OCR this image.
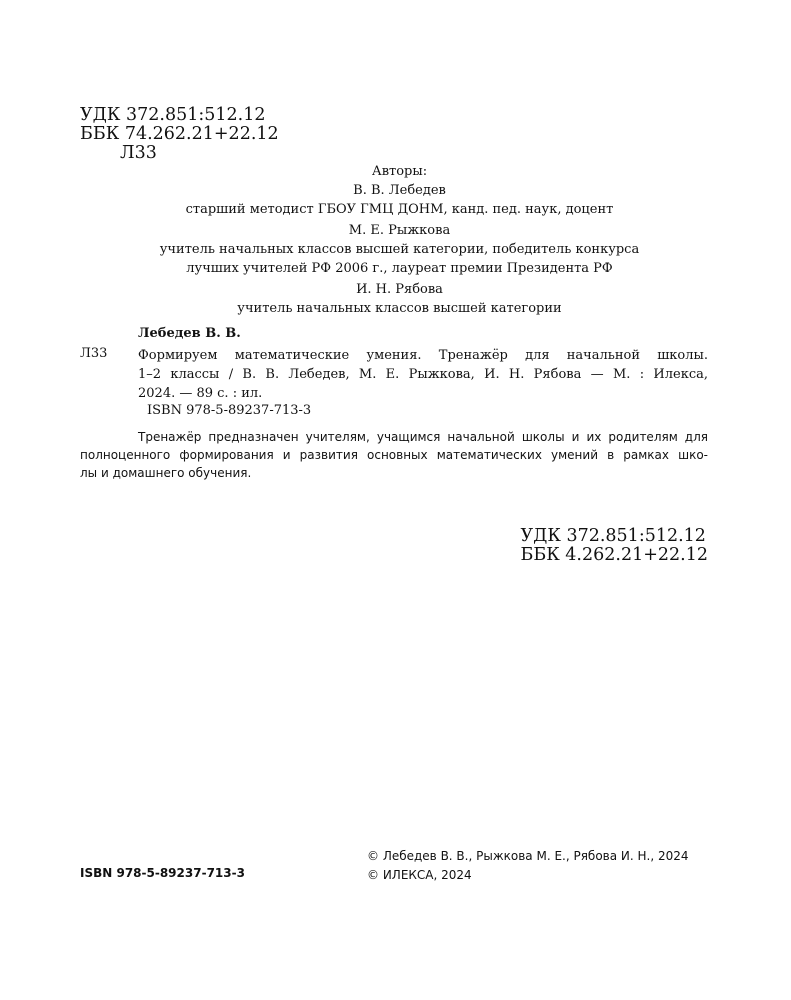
УДК 372.851:512.12
ББК 74.262.21+22.12
Л33
Авторы:
В. В. Лебедев
старший методист ГБОУ ГМЦ ДОНМ, канд. пед. наук, доцент
М. Е. Рыжкова
учитель начальных классов высшей категории, победитель конкурса
лучших учителей РФ 2006 г., лауреат премии Президента РФ
И. Н. Рябова
учитель начальных классов высшей категории
Лебедев В. В.
Л33 Формируем математические умения. Тренажёр для начальной школы.
1–2 классы / В. В. Лебедев, М. Е. Рыжкова, И. Н. Рябова — М. : Илекса,
2024. — 89 с. : ил.
ISBN 978-5-89237-713-3
Тренажёр предназначен учителям, учащимся начальной школы и их родителям для
полноценного формирования и развития основных математических умений в рамках шко-
лы и домашнего обучения.
УДК 372.851:512.12
ББК 4.262.21+22.12
ISBN 978-5-89237-713-3
© Лебедев В. В., Рыжкова М. Е., Рябова И. Н., 2024
© ИЛЕКСА, 2024
